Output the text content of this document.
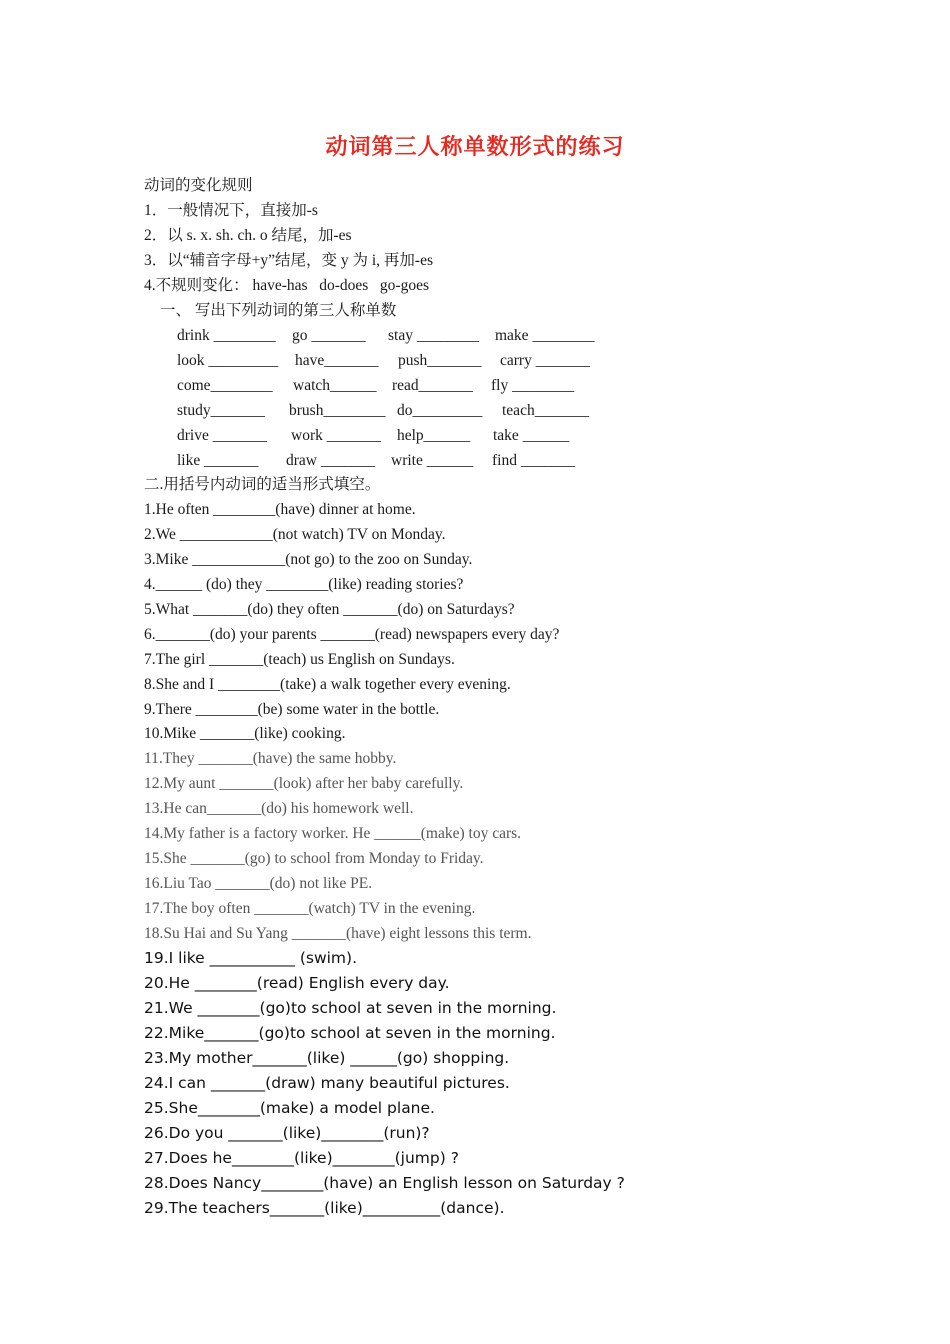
动词第三人称单数形式的练习
动词的变化规则
1．一般情况下，直接加-s
2．以 s. x. sh. ch. o 结尾，加-es
3．以“辅音字母+y”结尾，变 y 为 i, 再加-es
4.不规则变化： have-has   do-does   go-goes
一、 写出下列动词的第三人称单数
drink ________ go _______ stay ________ make ________
look _________ have_______ push_______ carry _______
come________ watch______ read_______ fly ________
study_______ brush________ do_________ teach_______
drive _______ work _______ help______ take ______
like _______ draw _______ write ______ find _______
二.用括号内动词的适当形式填空。
1.He often ________(have) dinner at home.
2.We ____________(not watch) TV on Monday.
3.Mike ____________(not go) to the zoo on Sunday.
4.______ (do) they ________(like) reading stories?
5.What _______(do) they often _______(do) on Saturdays?
6._______(do) your parents _______(read) newspapers every day?
7.The girl _______(teach) us English on Sundays.
8.She and I ________(take) a walk together every evening.
9.There ________(be) some water in the bottle.
10.Mike _______(like) cooking.
11.They _______(have) the same hobby.
12.My aunt _______(look) after her baby carefully.
13.He can_______(do) his homework well.
14.My father is a factory worker. He ______(make) toy cars.
15.She _______(go) to school from Monday to Friday.
16.Liu Tao _______(do) not like PE.
17.The boy often _______(watch) TV in the evening.
18.Su Hai and Su Yang _______(have) eight lessons this term.
19.I like ___________ (swim).
20.He ________(read) English every day.
21.We ________(go)to school at seven in the morning.
22.Mike_______(go)to school at seven in the morning.
23.My mother_______(like) ______(go) shopping.
24.I can _______(draw) many beautiful pictures.
25.She________(make) a model plane.
26.Do you _______(like)________(run)?
27.Does he________(like)________(jump) ?
28.Does Nancy________(have) an English lesson on Saturday ?
29.The teachers_______(like)__________(dance).
